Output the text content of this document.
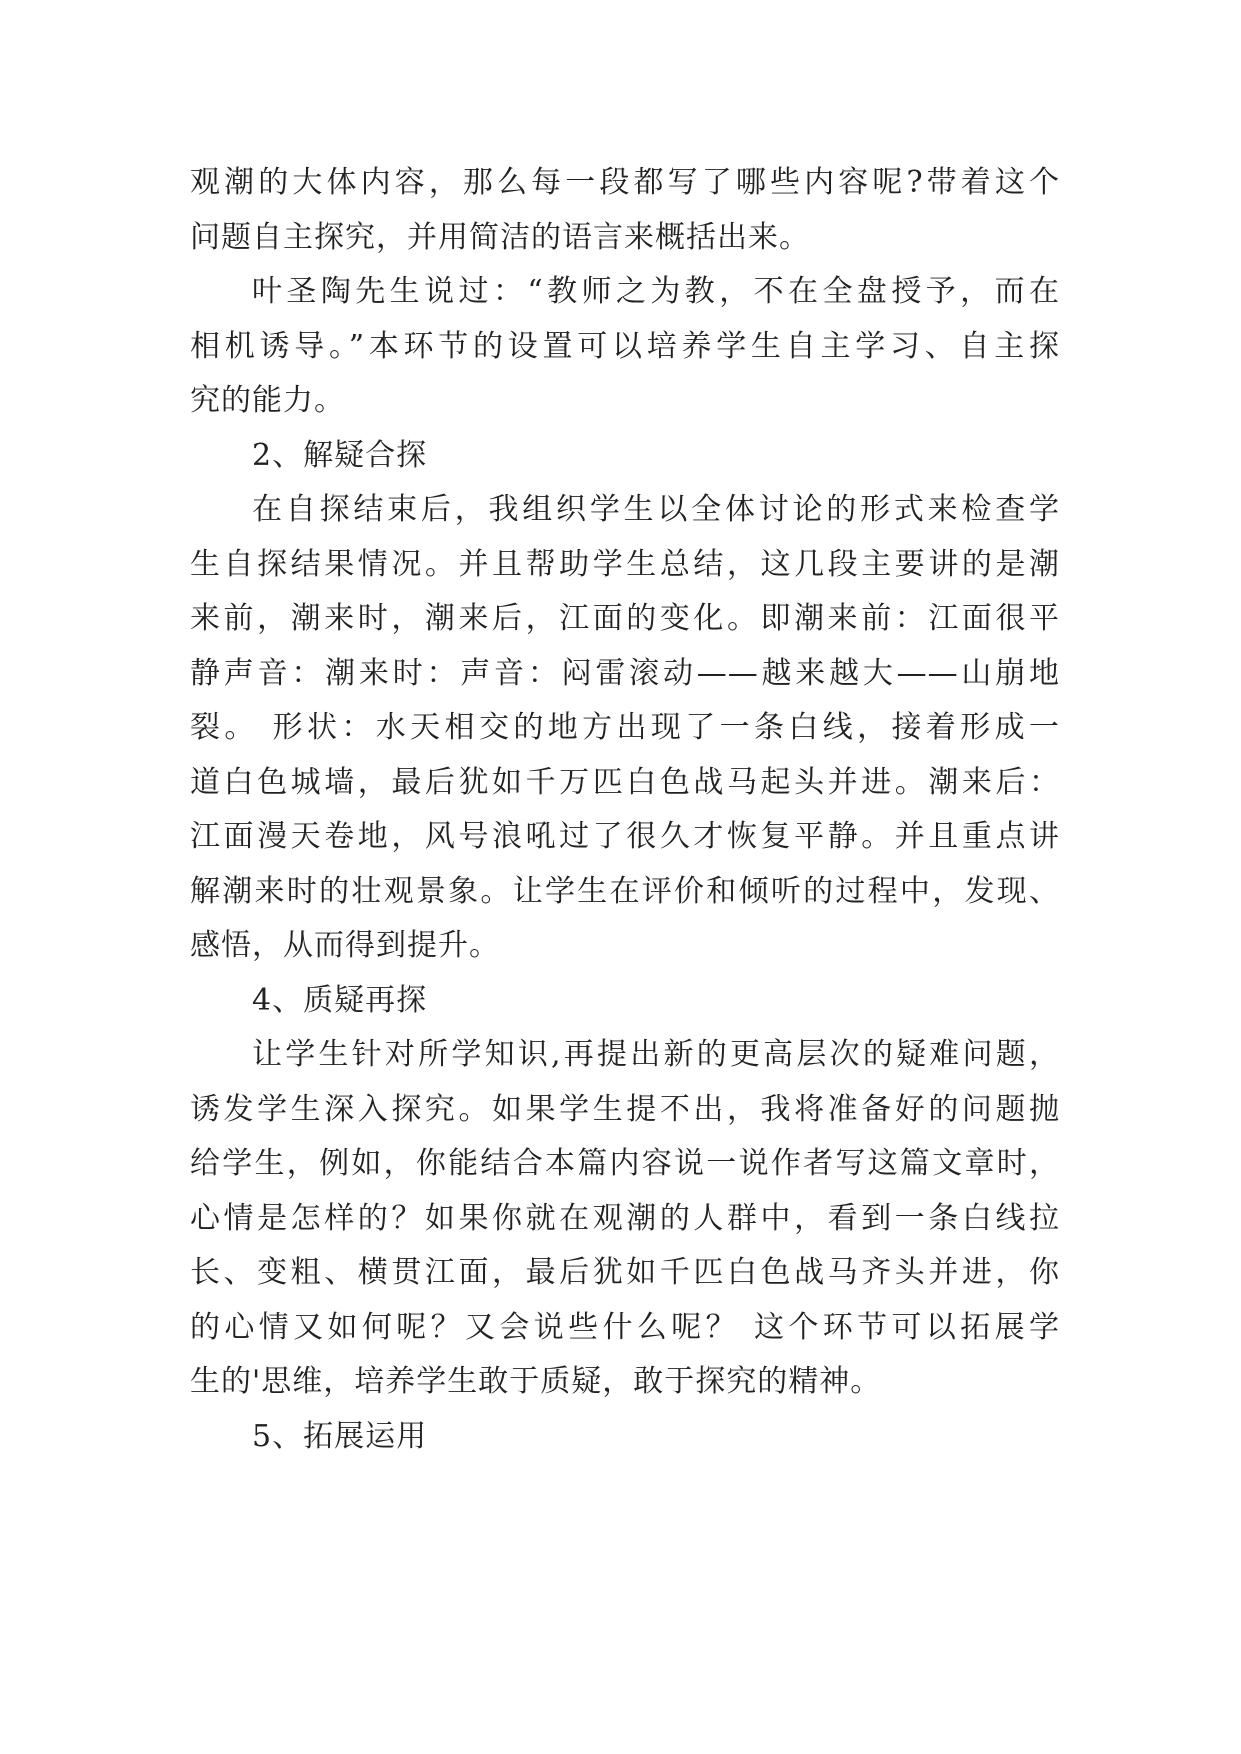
观潮的大体内容，那么每一段都写了哪些内容呢?带着这个
问题自主探究，并用简洁的语言来概括出来。
叶圣陶先生说过：“教师之为教，不在全盘授予，而在
相机诱导。”本环节的设置可以培养学生自主学习、自主探
究的能力。
2、解疑合探
在自探结束后，我组织学生以全体讨论的形式来检查学
生自探结果情况。并且帮助学生总结，这几段主要讲的是潮
来前，潮来时，潮来后，江面的变化。即潮来前：江面很平
静声音：潮来时：声音：闷雷滚动——越来越大——山崩地
裂。 形状：水天相交的地方出现了一条白线，接着形成一
道白色城墙，最后犹如千万匹白色战马起头并进。潮来后：
江面漫天卷地，风号浪吼过了很久才恢复平静。并且重点讲
解潮来时的壮观景象。让学生在评价和倾听的过程中，发现、
感悟，从而得到提升。
4、质疑再探
让学生针对所学知识,再提出新的更高层次的疑难问题，
诱发学生深入探究。如果学生提不出，我将准备好的问题抛
给学生，例如，你能结合本篇内容说一说作者写这篇文章时，
心情是怎样的？如果你就在观潮的人群中，看到一条白线拉
长、变粗、横贯江面，最后犹如千匹白色战马齐头并进，你
的心情又如何呢？又会说些什么呢？ 这个环节可以拓展学
生的'思维，培养学生敢于质疑，敢于探究的精神。
5、拓展运用
